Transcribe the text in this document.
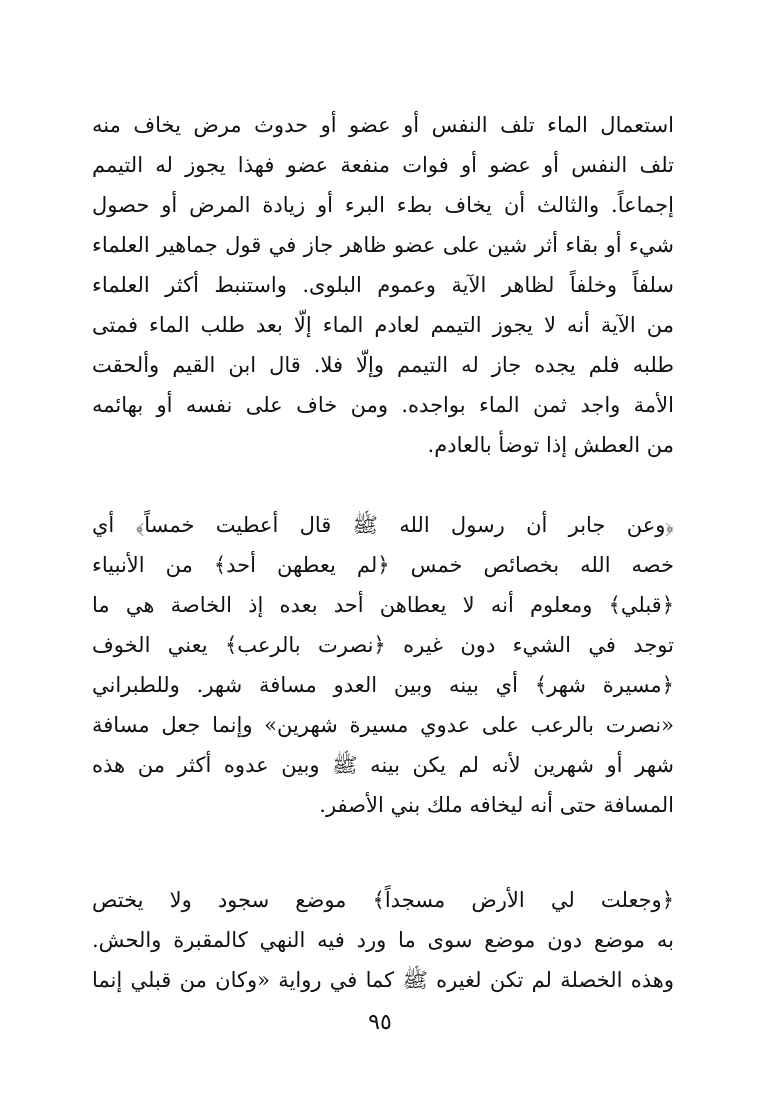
استعمال الماء تلف النفس أو عضو أو حدوث مرض يخاف منه
تلف النفس أو عضو أو فوات منفعة عضو فهذا يجوز له التيمم
إجماعاً. والثالث أن يخاف بطء البرء أو زيادة المرض أو حصول
شيء أو بقاء أثر شين على عضو ظاهر جاز في قول جماهير العلماء
سلفاً وخلفاً لظاهر الآية وعموم البلوى. واستنبط أكثر العلماء
من الآية أنه لا يجوز التيمم لعادم الماء إلّا بعد طلب الماء فمتى
طلبه فلم يجده جاز له التيمم وإلّا فلا. قال ابن القيم وألحقت
الأمة واجد ثمن الماء بواجده. ومن خاف على نفسه أو بهائمه
من العطش إذا توضأ بالعادم.
﴿وعن جابر أن رسول الله ﷺ قال أعطيت خمساً﴾ أي
خصه الله بخصائص خمس ﴿لم يعطهن أحد﴾ من الأنبياء
﴿قبلي﴾ ومعلوم أنه لا يعطاهن أحد بعده إذ الخاصة هي ما
توجد في الشيء دون غيره ﴿نصرت بالرعب﴾ يعني الخوف
﴿مسيرة شهر﴾ أي بينه وبين العدو مسافة شهر. وللطبراني
«نصرت بالرعب على عدوي مسيرة شهرين» وإنما جعل مسافة
شهر أو شهرين لأنه لم يكن بينه ﷺ وبين عدوه أكثر من هذه
المسافة حتى أنه ليخافه ملك بني الأصفر.
﴿وجعلت لي الأرض مسجداً﴾ موضع سجود ولا يختص
به موضع دون موضع سوى ما ورد فيه النهي كالمقبرة والحش.
وهذه الخصلة لم تكن لغيره ﷺ كما في رواية «وكان من قبلي إنما
٩٥
